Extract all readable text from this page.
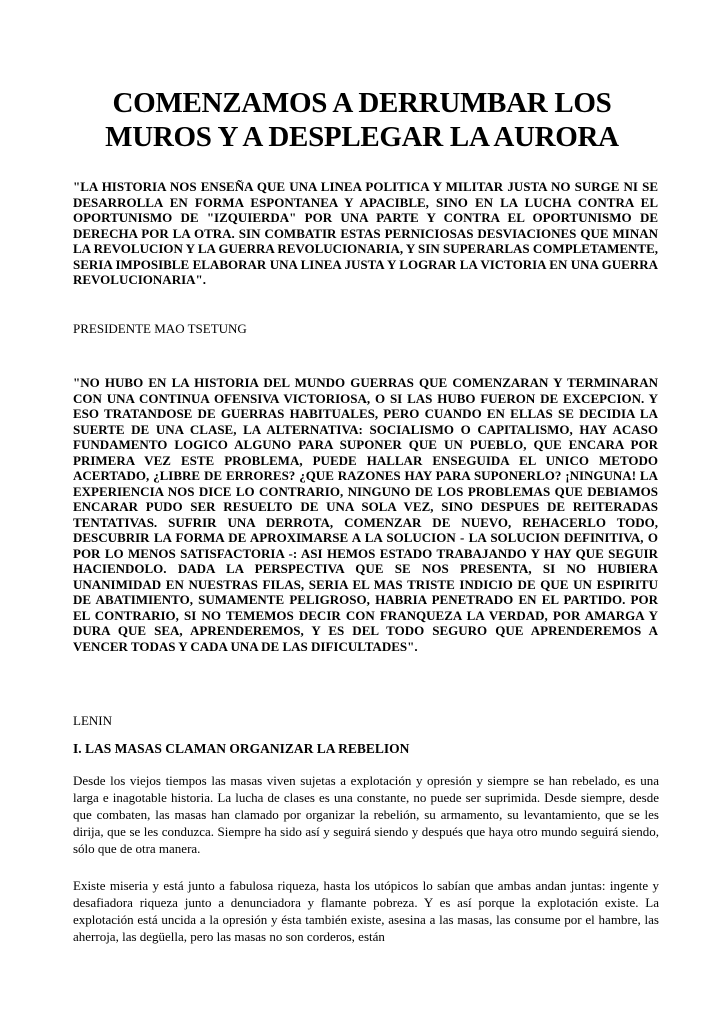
COMENZAMOS A DERRUMBAR LOS MUROS Y A DESPLEGAR LA AURORA

"LA HISTORIA NOS ENSEÑA QUE UNA LINEA POLITICA Y MILITAR JUSTA NO SURGE NI SE DESARROLLA EN FORMA ESPONTANEA Y APACIBLE, SINO EN LA LUCHA CONTRA EL OPORTUNISMO DE "IZQUIERDA" POR UNA PARTE Y CONTRA EL OPORTUNISMO DE DERECHA POR LA OTRA. SIN COMBATIR ESTAS PERNICIOSAS DESVIACIONES QUE MINAN LA REVOLUCION Y LA GUERRA REVOLUCIONARIA, Y SIN SUPERARLAS COMPLETAMENTE, SERIA IMPOSIBLE ELABORAR UNA LINEA JUSTA Y LOGRAR LA VICTORIA EN UNA GUERRA REVOLUCIONARIA".

PRESIDENTE MAO TSETUNG

"NO HUBO EN LA HISTORIA DEL MUNDO GUERRAS QUE COMENZARAN Y TERMINARAN CON UNA CONTINUA OFENSIVA VICTORIOSA, O SI LAS HUBO FUERON DE EXCEPCION. Y ESO TRATANDOSE DE GUERRAS HABITUALES, PERO CUANDO EN ELLAS SE DECIDIA LA SUERTE DE UNA CLASE, LA ALTERNATIVA: SOCIALISMO O CAPITALISMO, HAY ACASO FUNDAMENTO LOGICO ALGUNO PARA SUPONER QUE UN PUEBLO, QUE ENCARA POR PRIMERA VEZ ESTE PROBLEMA, PUEDE HALLAR ENSEGUIDA EL UNICO METODO ACERTADO, ¿LIBRE DE ERRORES? ¿QUE RAZONES HAY PARA SUPONERLO? ¡NINGUNA! LA EXPERIENCIA NOS DICE LO CONTRARIO, NINGUNO DE LOS PROBLEMAS QUE DEBIAMOS ENCARAR PUDO SER RESUELTO DE UNA SOLA VEZ, SINO DESPUES DE REITERADAS TENTATIVAS. SUFRIR UNA DERROTA, COMENZAR DE NUEVO, REHACERLO TODO, DESCUBRIR LA FORMA DE APROXIMARSE A LA SOLUCION - LA SOLUCION DEFINITIVA, O POR LO MENOS SATISFACTORIA -: ASI HEMOS ESTADO TRABAJANDO Y HAY QUE SEGUIR HACIENDOLO. DADA LA PERSPECTIVA QUE SE NOS PRESENTA, SI NO HUBIERA UNANIMIDAD EN NUESTRAS FILAS, SERIA EL MAS TRISTE INDICIO DE QUE UN ESPIRITU DE ABATIMIENTO, SUMAMENTE PELIGROSO, HABRIA PENETRADO EN EL PARTIDO. POR EL CONTRARIO, SI NO TEMEMOS DECIR CON FRANQUEZA LA VERDAD, POR AMARGA Y DURA QUE SEA, APRENDEREMOS, Y ES DEL TODO SEGURO QUE APRENDEREMOS A VENCER TODAS Y CADA UNA DE LAS DIFICULTADES".

LENIN

I. LAS MASAS CLAMAN ORGANIZAR LA REBELION

Desde los viejos tiempos las masas viven sujetas a explotación y opresión y siempre se han rebelado, es una larga e inagotable historia. La lucha de clases es una constante, no puede ser suprimida. Desde siempre, desde que combaten, las masas han clamado por organizar la rebelión, su armamento, su levantamiento, que se les dirija, que se les conduzca. Siempre ha sido así y seguirá siendo y después que haya otro mundo seguirá siendo, sólo que de otra manera.

Existe miseria y está junto a fabulosa riqueza, hasta los utópicos lo sabían que ambas andan juntas: ingente y desafiadora riqueza junto a denunciadora y flamante pobreza. Y es así porque la explotación existe. La explotación está uncida a la opresión y ésta también existe, asesina a las masas, las consume por el hambre, las aherroja, las degüella, pero las masas no son corderos, están
